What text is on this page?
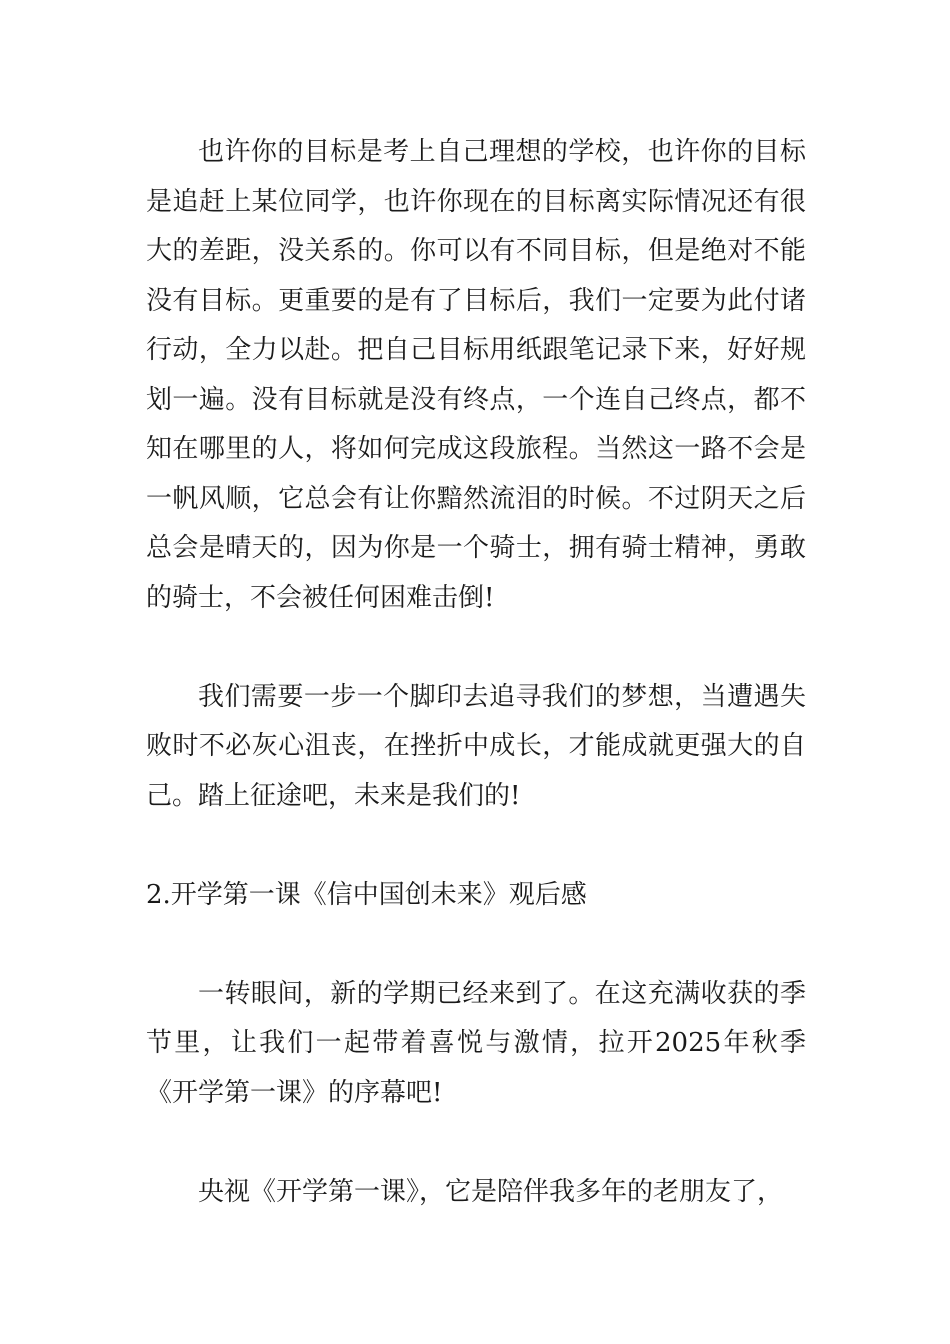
也许你的目标是考上自己理想的学校，也许你的目标是追赶上某位同学，也许你现在的目标离实际情况还有很大的差距，没关系的。你可以有不同目标，但是绝对不能没有目标。更重要的是有了目标后，我们一定要为此付诸行动，全力以赴。把自己目标用纸跟笔记录下来，好好规划一遍。没有目标就是没有终点，一个连自己终点，都不知在哪里的人，将如何完成这段旅程。当然这一路不会是一帆风顺，它总会有让你黯然流泪的时候。不过阴天之后总会是晴天的，因为你是一个骑士，拥有骑士精神，勇敢的骑士，不会被任何困难击倒!

我们需要一步一个脚印去追寻我们的梦想，当遭遇失败时不必灰心沮丧，在挫折中成长，才能成就更强大的自己。踏上征途吧，未来是我们的!

2.开学第一课《信中国创未来》观后感

一转眼间，新的学期已经来到了。在这充满收获的季节里，让我们一起带着喜悦与激情，拉开2025年秋季《开学第一课》的序幕吧!

央视《开学第一课》，它是陪伴我多年的老朋友了，
